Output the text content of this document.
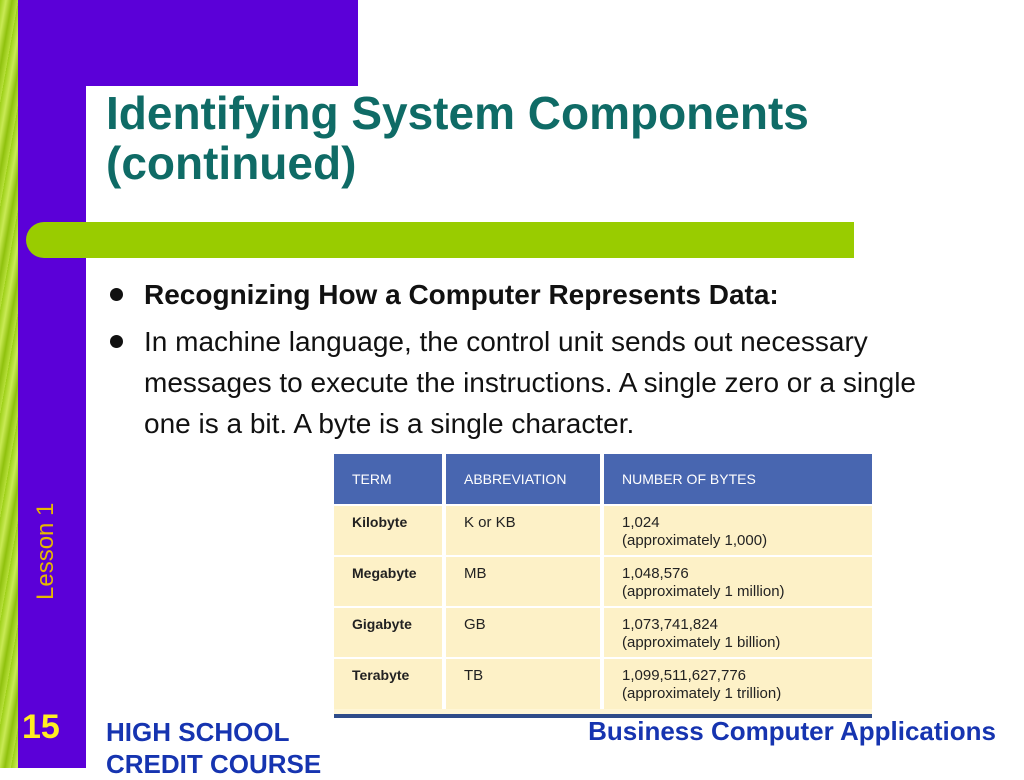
Identifying System Components
(continued)
Recognizing How a Computer Represents Data:
In machine language, the control unit sends out necessary messages to execute the instructions. A single zero or a single one is a bit. A byte is a single character.
TERM	ABBREVIATION	NUMBER OF BYTES
Kilobyte	K or KB	1,024
(approximately 1,000)

Megabyte	MB	1,048,576
(approximately 1 million)

Gigabyte	GB	1,073,741,824
(approximately 1 billion)

Terabyte	TB	1,099,511,627,776
(approximately 1 trillion)
Lesson 1
15 HIGH SCHOOL
CREDIT COURSE
Business Computer Applications
